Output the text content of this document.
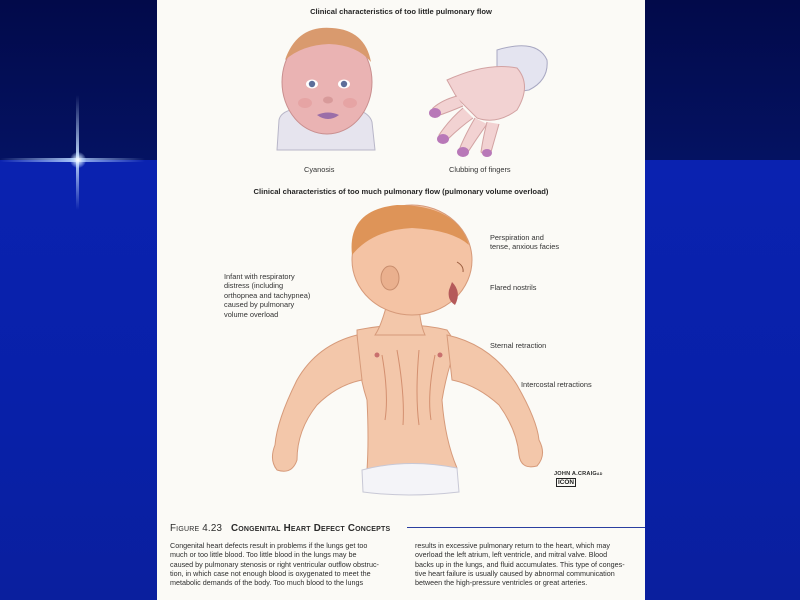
Clinical characteristics of too little pulmonary flow
Cyanosis	Clubbing of fingers
Clinical characteristics of too much pulmonary flow (pulmonary volume overload)
Infant with respiratory
distress (including
orthopnea and tachypnea)
caused by pulmonary
volume overload
Perspiration and
tense, anxious facies
Flared nostrils
Sternal retraction
Intercostal retractions
JOHN A.CRAIGAD
ICON
Figure 4.23 Congenital Heart Defect Concepts
Congenital heart defects result in problems if the lungs get too
much or too little blood. Too little blood in the lungs may be
caused by pulmonary stenosis or right ventricular outflow obstruc-
tion, in which case not enough blood is oxygenated to meet the
metabolic demands of the body. Too much blood to the lungs
results in excessive pulmonary return to the heart, which may
overload the left atrium, left ventricle, and mitral valve. Blood
backs up in the lungs, and fluid accumulates. This type of conges-
tive heart failure is usually caused by abnormal communication
between the high-pressure ventricles or great arteries.
